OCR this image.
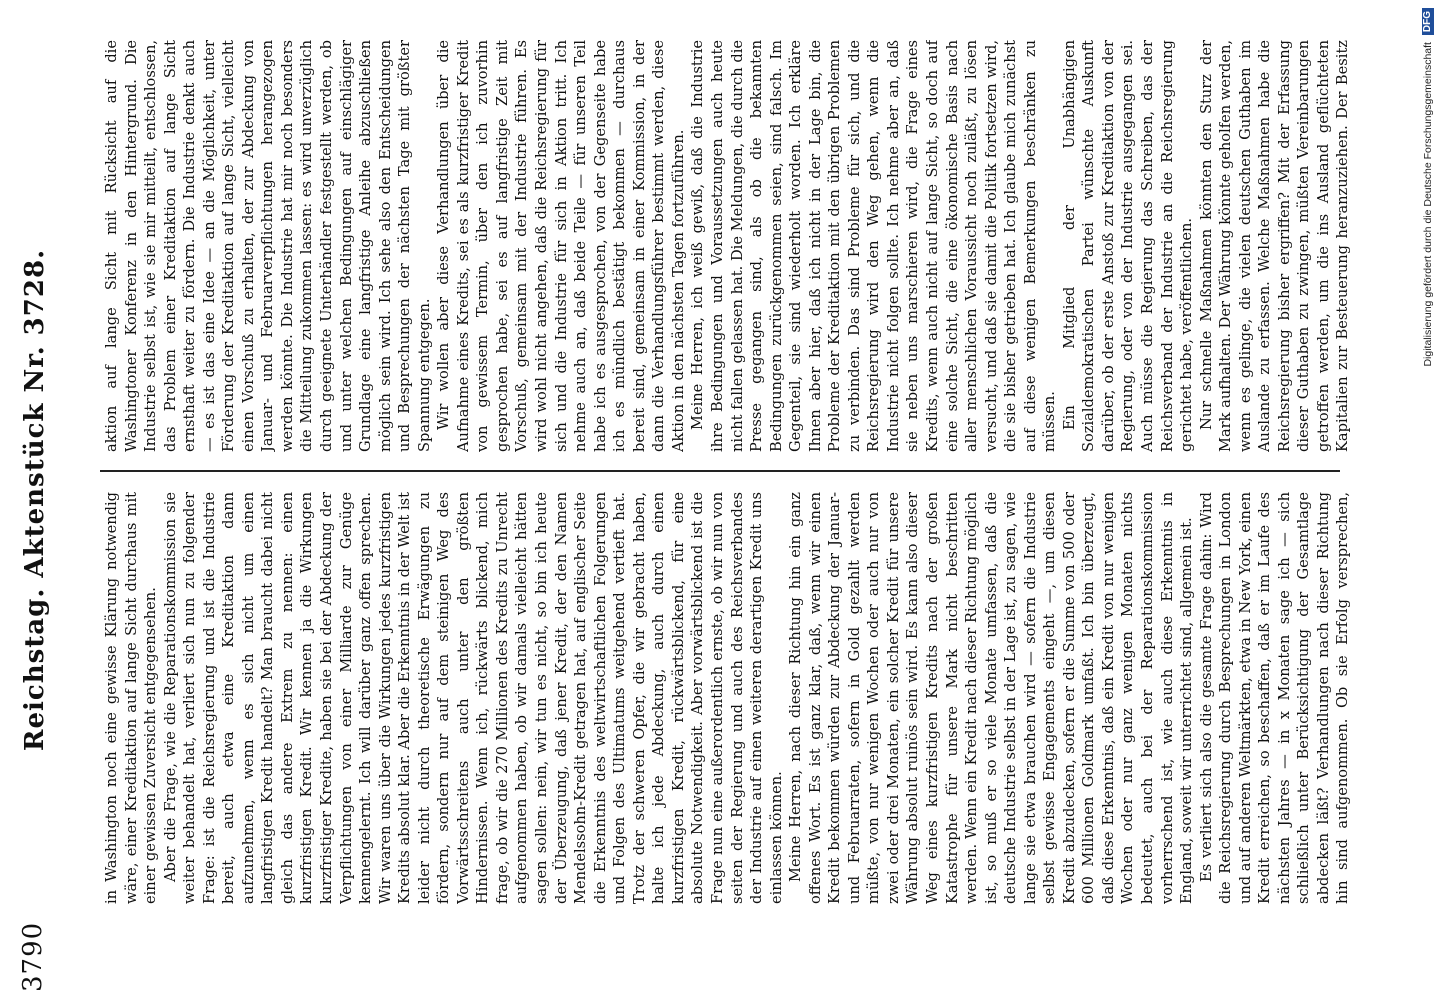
3790
Reichstag. Aktenstück Nr. 3728.	in Washington noch eine gewisse Klärung notwendig wäre, einer Kreditaktion auf lange Sicht durchaus mit einer gewissen Zuversicht entgegensehen. Aber die Frage, wie die Reparationskommission sie weiter behandelt hat, verliert sich nun zu folgender Frage: ist die Reichsregierung und ist die Industrie bereit, auch etwa eine Kreditaktion dann aufzunehmen, wenn es sich nicht um einen langfristigen Kredit handelt? Man braucht dabei nicht gleich das andere Extrem zu nennen: einen kurzfristigen Kredit. Wir kennen ja die Wirkungen kurzfristiger Kredite, haben sie bei der Abdeckung der Verpflichtungen von einer Milliarde zur Genüge kennengelernt. Ich will darüber ganz offen sprechen. Wir waren uns über die Wirkungen jedes kurzfristigen Kredits absolut klar. Aber die Erkenntnis in der Welt ist leider nicht durch theoretische Erwägungen zu fördern, sondern nur auf dem steinigen Weg des Vorwärtsschreitens auch unter den größten Hindernissen. Wenn ich, rückwärts blickend, mich frage, ob wir die 270 Millionen des Kredits zu Unrecht aufgenommen haben, ob wir damals vielleicht hätten sagen sollen: nein, wir tun es nicht, so bin ich heute der Überzeugung, daß jener Kredit, der den Namen Mendelssohn-Kredit getragen hat, auf englischer Seite die Erkenntnis des weltwirtschaftlichen Folgerungen und Folgen des Ultimatums weitgehend vertieft hat. Trotz der schweren Opfer, die wir gebracht haben, halte ich jede Abdeckung, auch durch einen kurzfristigen Kredit, rückwärtsblickend, für eine absolute Notwendigkeit. Aber vorwärtsblickend ist die Frage nun eine außerordentlich ernste, ob wir nun von seiten der Regierung und auch des Reichsverbandes der Industrie auf einen weiteren derartigen Kredit uns einlassen können. Meine Herren, nach dieser Richtung hin ein ganz offenes Wort. Es ist ganz klar, daß, wenn wir einen Kredit bekommen würden zur Abdeckung der Januar- und Februarraten, sofern in Gold gezahlt werden müßte, von nur wenigen Wochen oder auch nur von zwei oder drei Monaten, ein solcher Kredit für unsere Währung absolut ruinös sein wird. Es kann also dieser Weg eines kurzfristigen Kredits nach der großen Katastrophe für unsere Mark nicht beschritten werden. Wenn ein Kredit nach dieser Richtung möglich ist, so muß er so viele Monate umfassen, daß die deutsche Industrie selbst in der Lage ist, zu sagen, wie lange sie etwa brauchen wird — sofern die Industrie selbst gewisse Engagements eingeht —, um diesen Kredit abzudecken, sofern er die Summe von 500 oder 600 Millionen Goldmark umfaßt. Ich bin überzeugt, daß diese Erkenntnis, daß ein Kredit von nur wenigen Wochen oder nur ganz wenigen Monaten nichts bedeutet, auch bei der Reparationskommission vorherrschend ist, wie auch diese Erkenntnis in England, soweit wir unterrichtet sind, allgemein ist. Es verliert sich also die gesamte Frage dahin: Wird die Reichsregierung durch Besprechungen in London und auf anderen Weltmärkten, etwa in New York, einen Kredit erreichen, so beschaffen, daß er im Laufe des nächsten Jahres — in x Monaten sage ich — sich schließlich unter Berücksichtigung der Gesamtlage abdecken läßt? Verhandlungen nach dieser Richtung hin sind aufgenommen. Ob sie Erfolg versprechen,

aktion auf lange Sicht mit Rücksicht auf die Washingtoner Konferenz in den Hintergrund. Die Industrie selbst ist, wie sie mir mitteilt, entschlossen, das Problem einer Kreditaktion auf lange Sicht ernsthaft weiter zu fördern. Die Industrie denkt auch — es ist das eine Idee — an die Möglichkeit, unter Förderung der Kreditaktion auf lange Sicht, vielleicht einen Vorschuß zu erhalten, der zur Abdeckung von Januar- und Februarverpflichtungen herangezogen werden könnte. Die Industrie hat mir noch besonders die Mitteilung zukommen lassen: es wird unverzüglich durch geeignete Unterhändler festgestellt werden, ob und unter welchen Bedingungen auf einschlägiger Grundlage eine langfristige Anleihe abzuschließen möglich sein wird. Ich sehe also den Entscheidungen und Besprechungen der nächsten Tage mit größter Spannung entgegen. Wir wollen aber diese Verhandlungen über die Aufnahme eines Kredits, sei es als kurzfristiger Kredit von gewissem Termin, über den ich zuvorhin gesprochen habe, sei es auf langfristige Zeit mit Vorschuß, gemeinsam mit der Industrie führen. Es wird wohl nicht angehen, daß die Reichsregierung für sich und die Industrie für sich in Aktion tritt. Ich nehme auch an, daß beide Teile — für unseren Teil habe ich es ausgesprochen, von der Gegenseite habe ich es mündlich bestätigt bekommen — durchaus bereit sind, gemeinsam in einer Kommission, in der dann die Verhandlungsführer bestimmt werden, diese Aktion in den nächsten Tagen fortzuführen. Meine Herren, ich weiß gewiß, daß die Industrie ihre Bedingungen und Voraussetzungen auch heute nicht fallen gelassen hat. Die Meldungen, die durch die Presse gegangen sind, als ob die bekannten Bedingungen zurückgenommen seien, sind falsch. Im Gegenteil, sie sind wiederholt worden. Ich erkläre Ihnen aber hier, daß ich nicht in der Lage bin, die Probleme der Kreditaktion mit den übrigen Problemen zu verbinden. Das sind Probleme für sich, und die Reichsregierung wird den Weg gehen, wenn die Industrie nicht folgen sollte. Ich nehme aber an, daß sie neben uns marschieren wird, die Frage eines Kredits, wenn auch nicht auf lange Sicht, so doch auf eine solche Sicht, die eine ökonomische Basis nach aller menschlichen Voraussicht noch zuläßt, zu lösen versucht, und daß sie damit die Politik fortsetzen wird, die sie bisher getrieben hat. Ich glaube mich zunächst auf diese wenigen Bemerkungen beschränken zu müssen. Ein Mitglied der Unabhängigen Sozialdemokratischen Partei wünschte Auskunft darüber, ob der erste Anstoß zur Kreditaktion von der Regierung, oder von der Industrie ausgegangen sei. Auch müsse die Regierung das Schreiben, das der Reichsverband der Industrie an die Reichsregierung gerichtet habe, veröffentlichen. Nur schnelle Maßnahmen könnten den Sturz der Mark aufhalten. Der Währung könnte geholfen werden, wenn es gelinge, die vielen deutschen Guthaben im Auslande zu erfassen. Welche Maßnahmen habe die Reichsregierung bisher ergriffen? Mit der Erfassung dieser Guthaben zu zwingen, müßten Vereinbarungen getroffen werden, um die ins Ausland geflüchteten Kapitalien zur Besteuerung heranzuziehen. Der Besitz	Digitalisierung gefördert durch die Deutsche Forschungsgemeinschaft DFG
